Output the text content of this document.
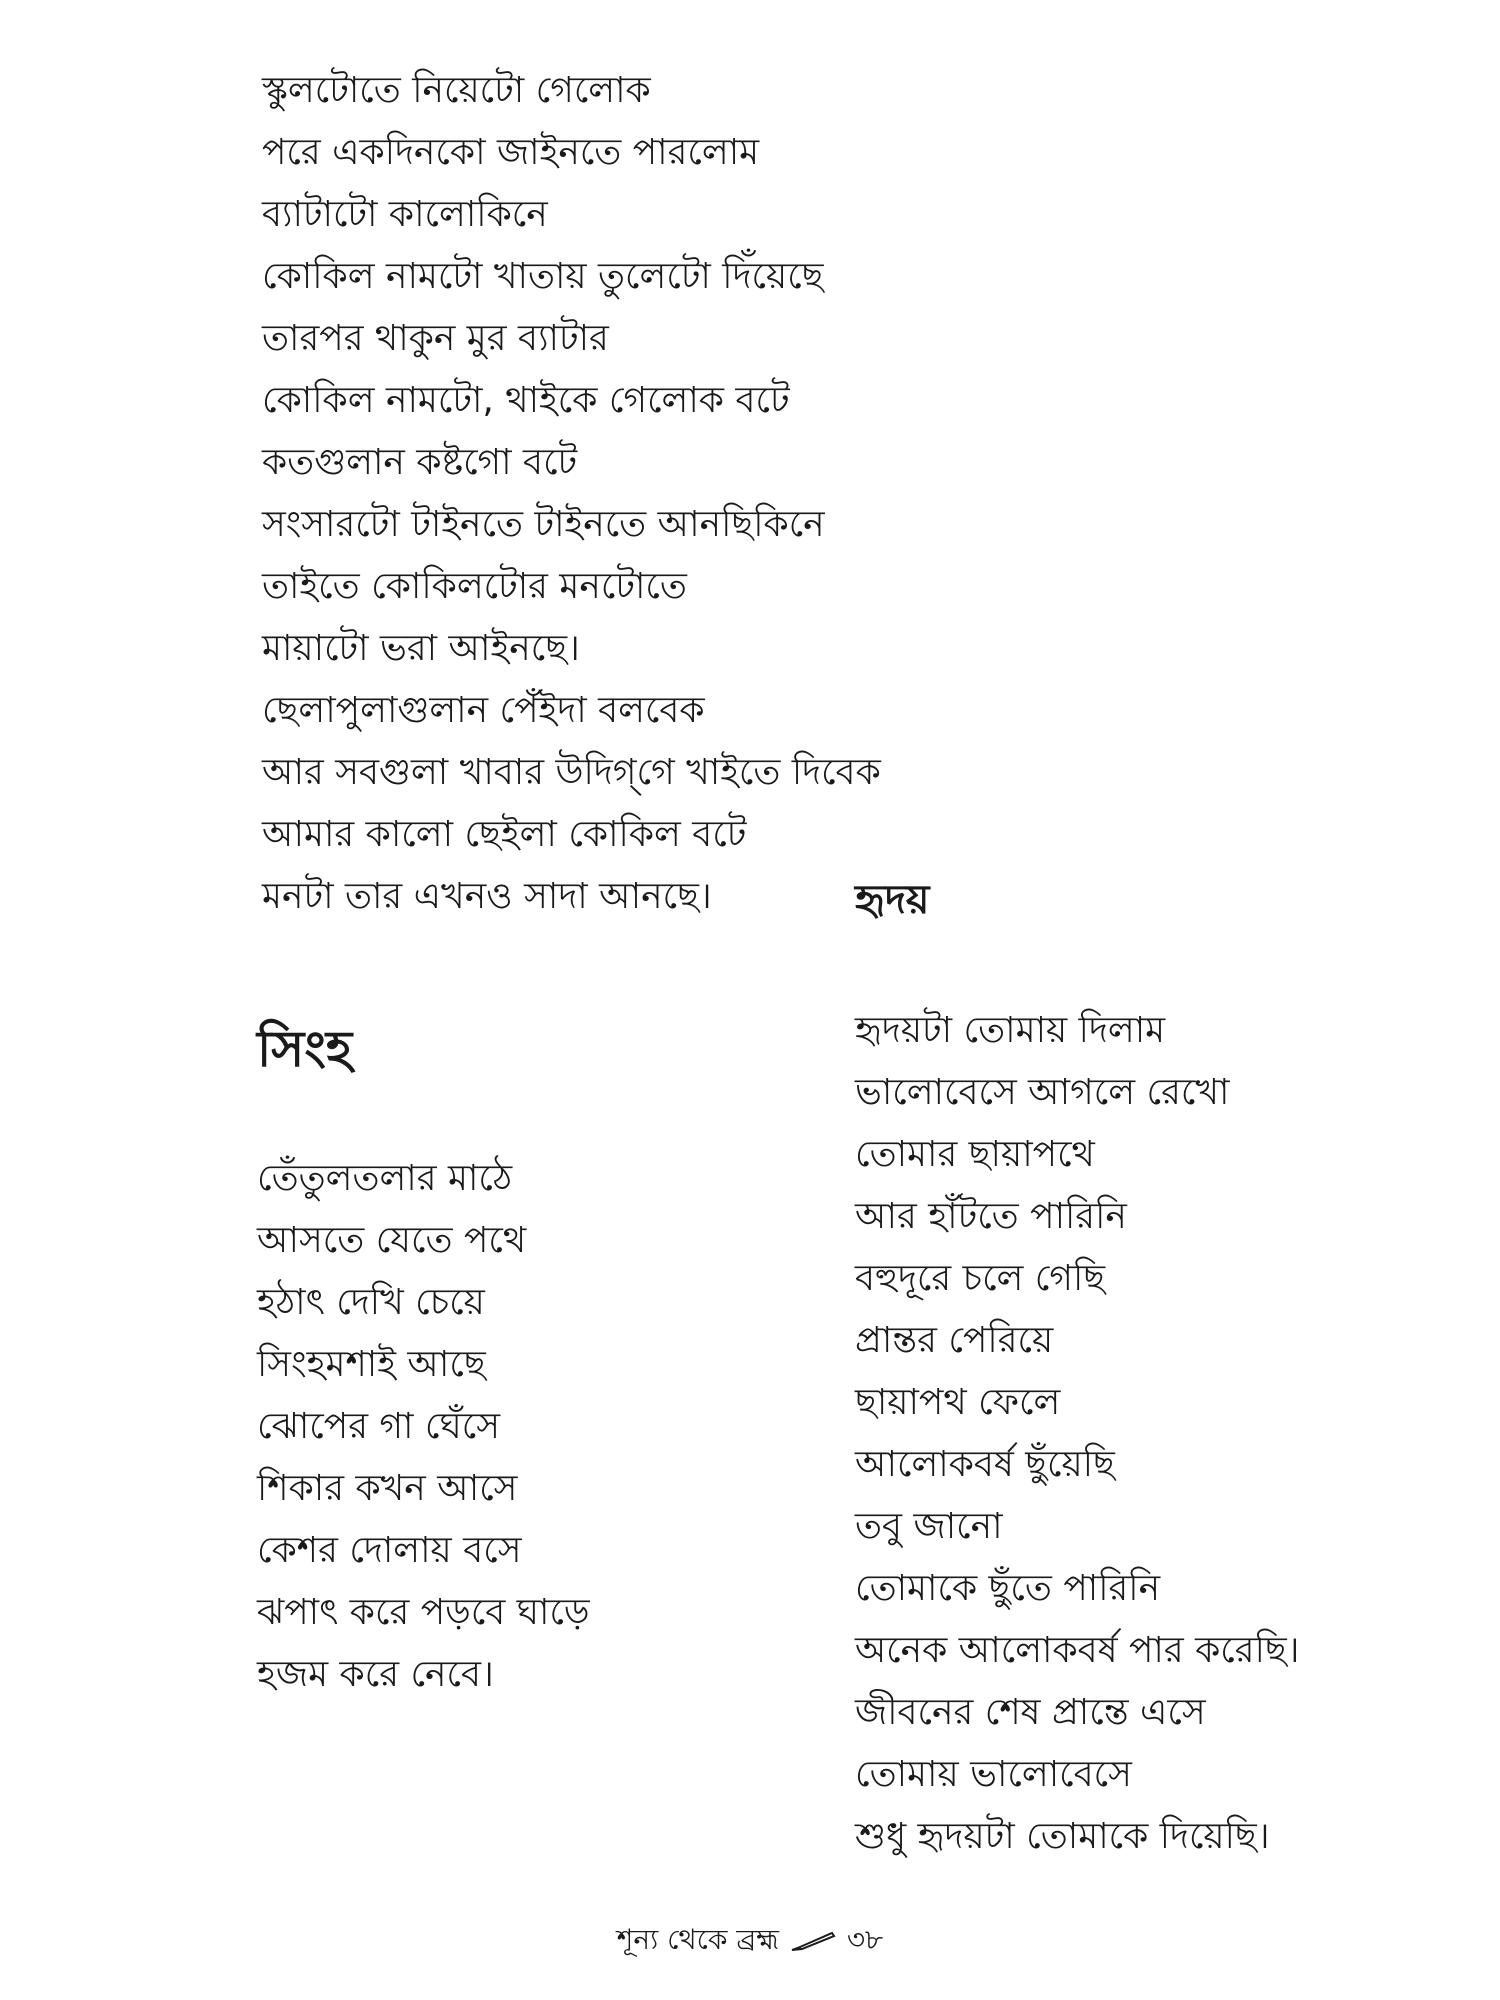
স্কুলটোতে নিয়েটো গেলোক
পরে একদিনকো জাইনতে পারলোম
ব্যাটাটো কালোকিনে
কোকিল নামটো খাতায় তুলেটো দিঁয়েছে
তারপর থাকুন মুর ব্যাটার
কোকিল নামটো, থাইকে গেলোক বটে
কতগুলান কষ্টগো বটে
সংসারটো টাইনতে টাইনতে আনছিকিনে
তাইতে কোকিলটোর মনটোতে
মায়াটো ভরা আইনছে।
ছেলাপুলাগুলান পেঁইদা বলবেক
আর সবগুলা খাবার উদিগ্‌গে খাইতে দিবেক
আমার কালো ছেইলা কোকিল বটে
মনটা তার এখনও সাদা আনছে।	হৃদয়
সিংহ
তেঁতুলতলার মাঠে
আসতে যেতে পথে
হঠাৎ দেখি চেয়ে
সিংহমশাই আছে
ঝোপের গা ঘেঁসে
শিকার কখন আসে
কেশর দোলায় বসে
ঝপাৎ করে পড়বে ঘাড়ে
হজম করে নেবে।
হৃদয়টা তোমায় দিলাম
ভালোবেসে আগলে রেখো
তোমার ছায়াপথে
আর হাঁটতে পারিনি
বহুদূরে চলে গেছি
প্রান্তর পেরিয়ে
ছায়াপথ ফেলে
আলোকবর্ষ ছুঁয়েছি
তবু জানো
তোমাকে ছুঁতে পারিনি
অনেক আলোকবর্ষ পার করেছি।
জীবনের শেষ প্রান্তে এসে
তোমায় ভালোবেসে
শুধু হৃদয়টা তোমাকে দিয়েছি।
শূন্য থেকে ব্রহ্ম ৩৮
